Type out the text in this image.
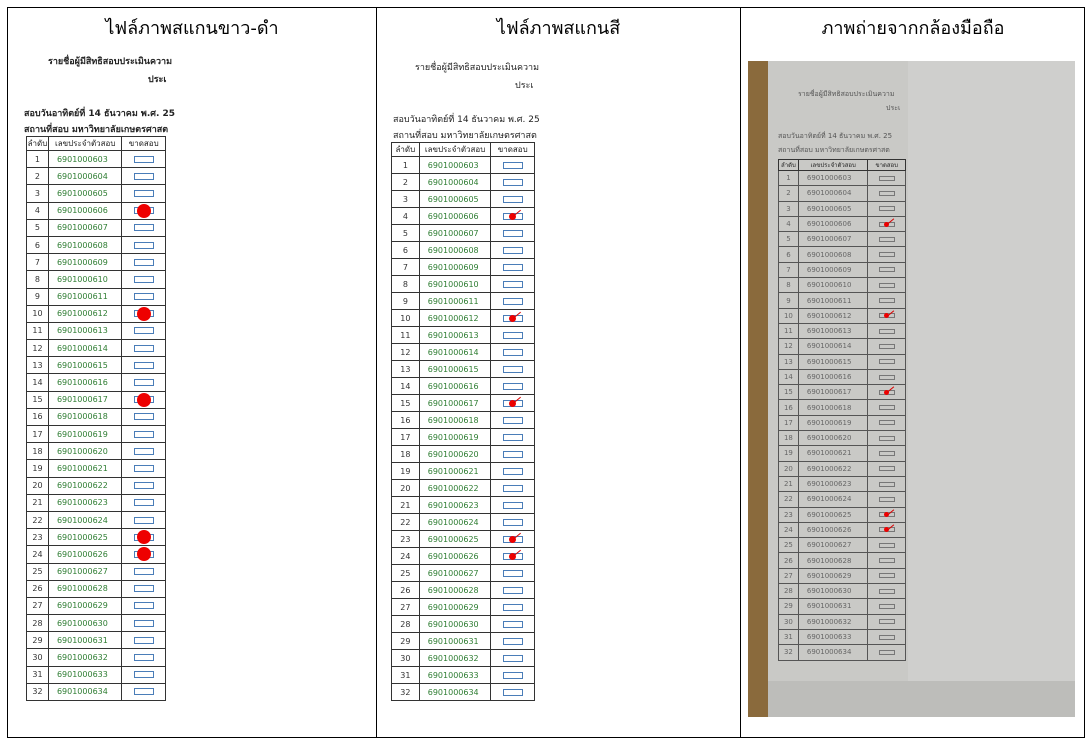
ไฟล์ภาพสแกนขาว-ดำ	ไฟล์ภาพสแกนสี	ภาพถ่ายจากกล้องมือถือ
รายชื่อผู้มีสิทธิสอบประเมินความ
ประเ
สอบวันอาทิตย์ที่ 14 ธันวาคม พ.ศ. 25
สถานที่สอบ มหาวิทยาลัยเกษตรศาสต
ลำดับ	เลขประจำตัวสอบ	ขาดสอบ
1	6901000603	
2	6901000604	
3	6901000605	
4	6901000606	

5	6901000607	
6	6901000608	
7	6901000609	
8	6901000610	
9	6901000611	
10	6901000612	

11	6901000613	
12	6901000614	
13	6901000615	
14	6901000616	
15	6901000617	

16	6901000618	
17	6901000619	
18	6901000620	
19	6901000621	
20	6901000622	
21	6901000623	
22	6901000624	
23	6901000625	

24	6901000626	

25	6901000627	
26	6901000628	
27	6901000629	
28	6901000630	
29	6901000631	
30	6901000632	
31	6901000633	
32	6901000634	
รายชื่อผู้มีสิทธิสอบประเมินความ
ประเ
สอบวันอาทิตย์ที่ 14 ธันวาคม พ.ศ. 25
สถานที่สอบ มหาวิทยาลัยเกษตรศาสต
ลำดับ	เลขประจำตัวสอบ	ขาดสอบ
1	6901000603	
2	6901000604	
3	6901000605	
4	6901000606	

5	6901000607	
6	6901000608	
7	6901000609	
8	6901000610	
9	6901000611	
10	6901000612	

11	6901000613	
12	6901000614	
13	6901000615	
14	6901000616	
15	6901000617	

16	6901000618	
17	6901000619	
18	6901000620	
19	6901000621	
20	6901000622	
21	6901000623	
22	6901000624	
23	6901000625	

24	6901000626	

25	6901000627	
26	6901000628	
27	6901000629	
28	6901000630	
29	6901000631	
30	6901000632	
31	6901000633	
32	6901000634	
รายชื่อผู้มีสิทธิสอบประเมินความ
ประเ
สอบวันอาทิตย์ที่ 14 ธันวาคม พ.ศ. 25
สถานที่สอบ มหาวิทยาลัยเกษตรศาสต
ลำดับ	เลขประจำตัวสอบ	ขาดสอบ
1	6901000603	
2	6901000604	
3	6901000605	
4	6901000606	

5	6901000607	
6	6901000608	
7	6901000609	
8	6901000610	
9	6901000611	
10	6901000612	

11	6901000613	
12	6901000614	
13	6901000615	
14	6901000616	
15	6901000617	

16	6901000618	
17	6901000619	
18	6901000620	
19	6901000621	
20	6901000622	
21	6901000623	
22	6901000624	
23	6901000625	

24	6901000626	

25	6901000627	
26	6901000628	
27	6901000629	
28	6901000630	
29	6901000631	
30	6901000632	
31	6901000633	
32	6901000634	
